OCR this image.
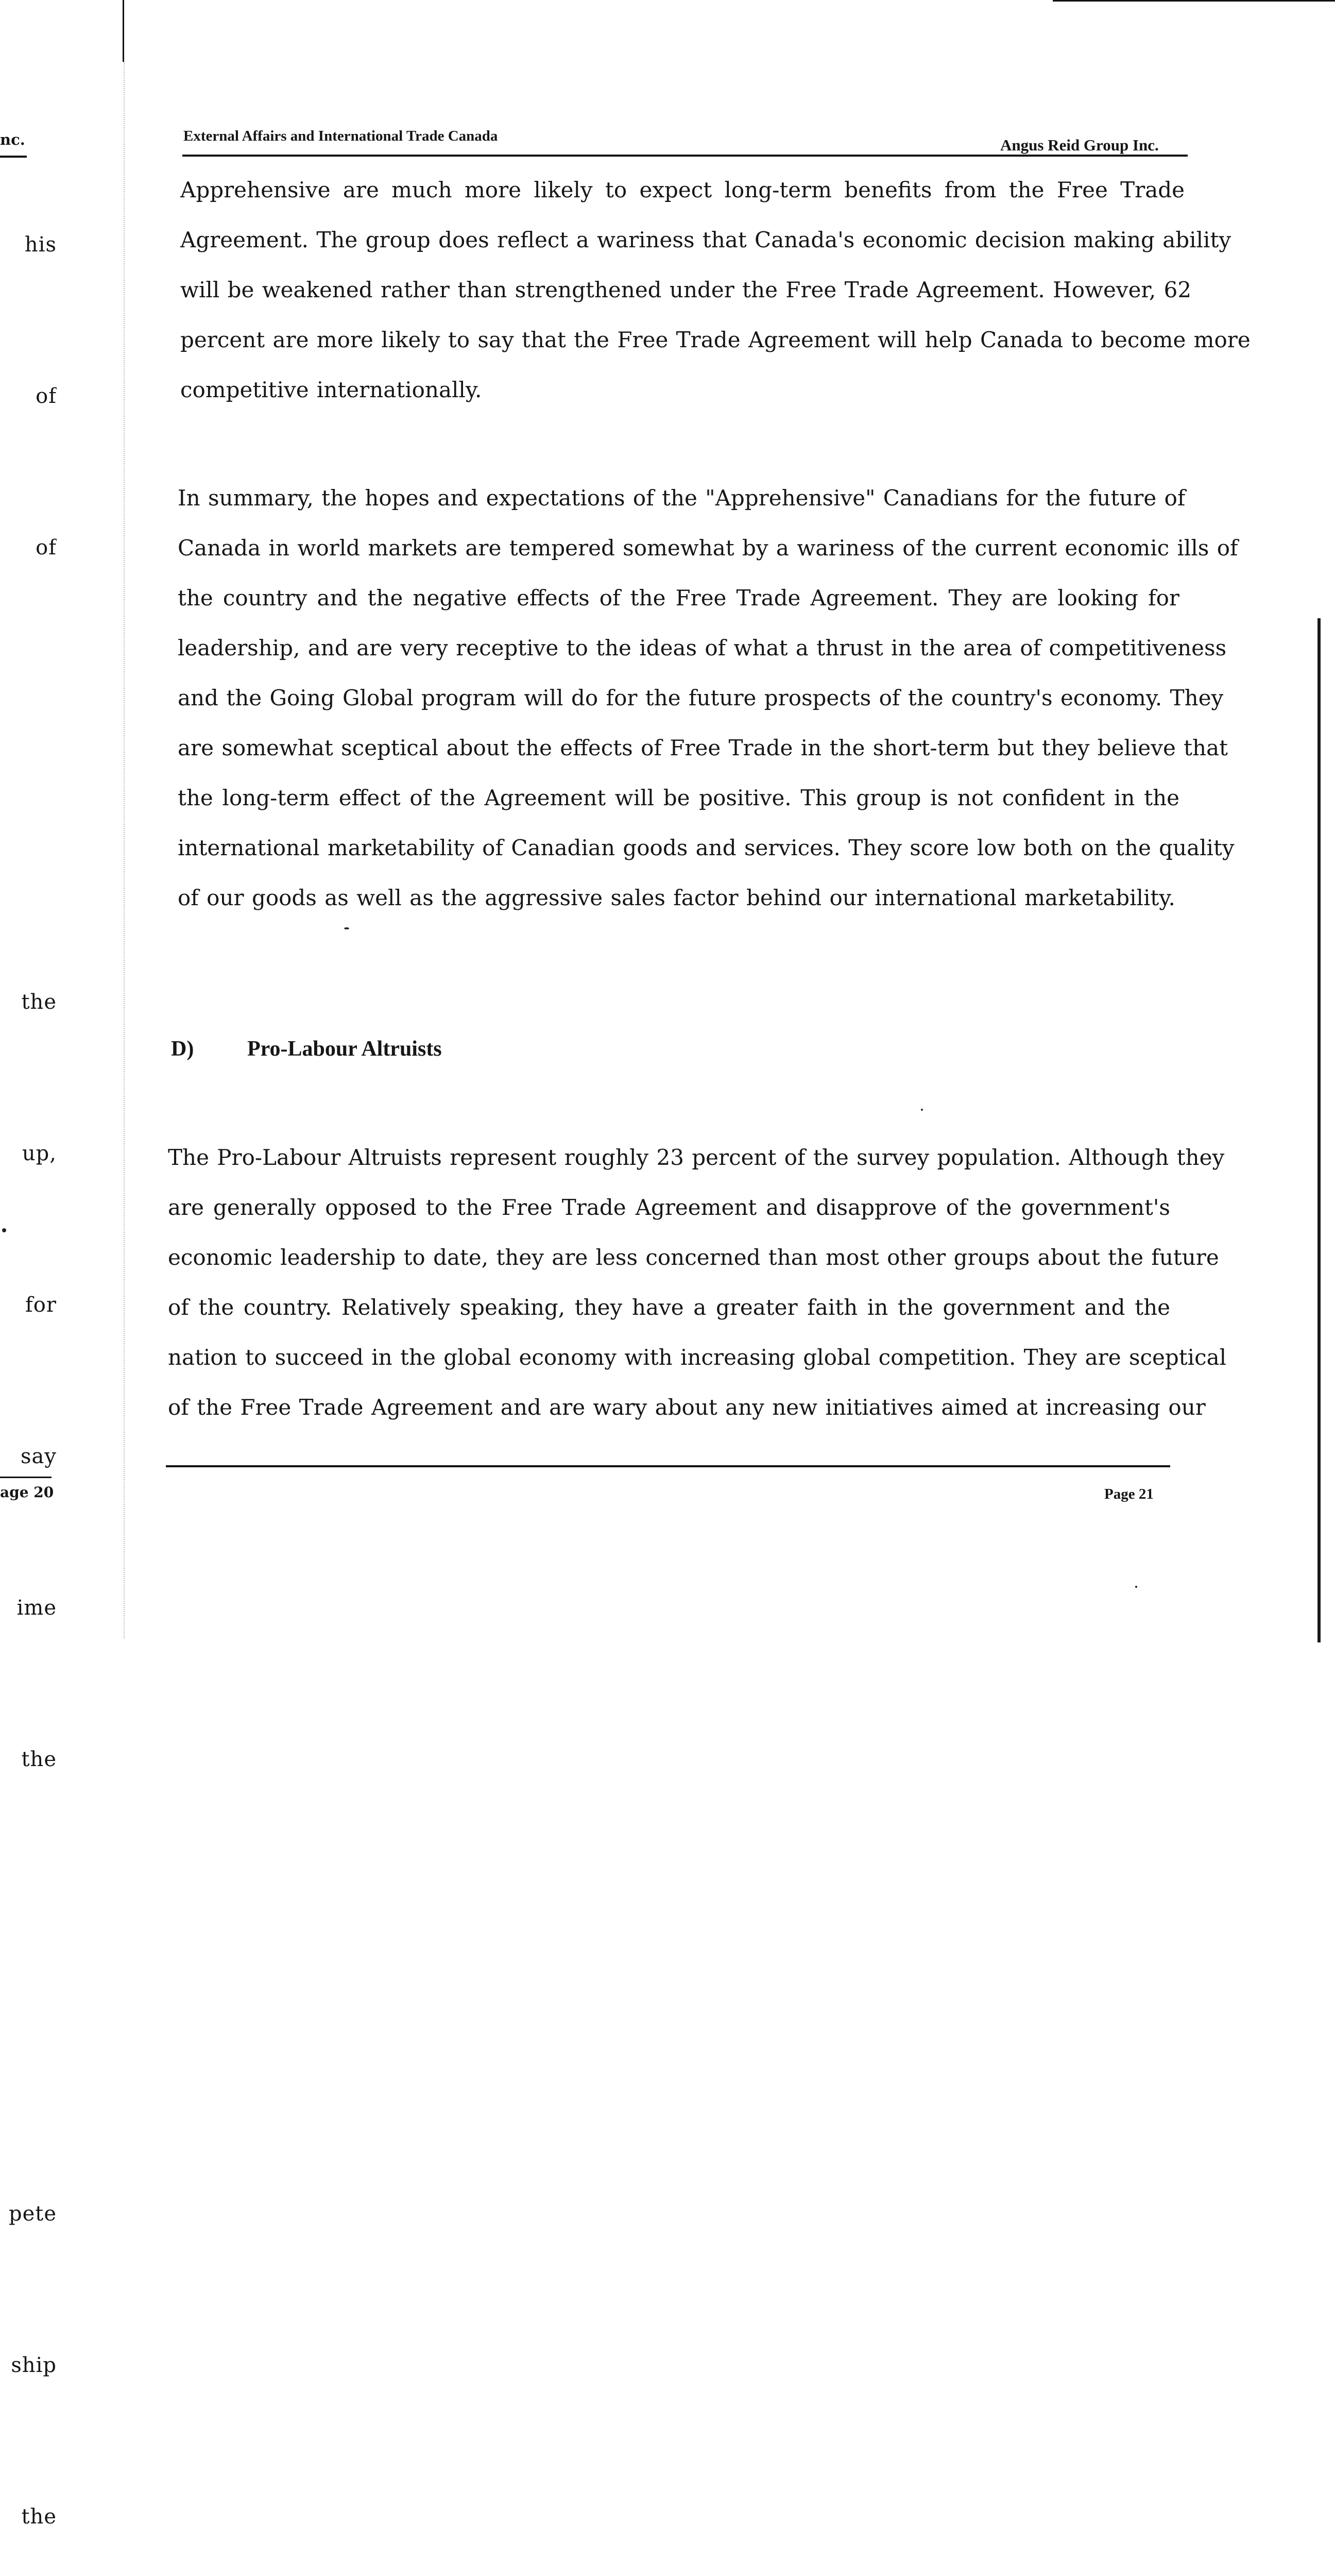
nc.

his

of

of

the

up,

for

say

ime

the

pete

ship

the

age 20
External Affairs and International Trade Canada	Angus Reid Group Inc.
Apprehensive are much more likely to expect long-term benefits from the Free Trade
Agreement. The group does reflect a wariness that Canada's economic decision making ability
will be weakened rather than strengthened under the Free Trade Agreement. However, 62
percent are more likely to say that the Free Trade Agreement will help Canada to become more
competitive internationally.
In summary, the hopes and expectations of the "Apprehensive" Canadians for the future of
Canada in world markets are tempered somewhat by a wariness of the current economic ills of
the country and the negative effects of the Free Trade Agreement. They are looking for
leadership, and are very receptive to the ideas of what a thrust in the area of competitiveness
and the Going Global program will do for the future prospects of the country's economy. They
are somewhat sceptical about the effects of Free Trade in the short-term but they believe that
the long-term effect of the Agreement will be positive. This group is not confident in the
international marketability of Canadian goods and services. They score low both on the quality
of our goods as well as the aggressive sales factor behind our international marketability.
D) Pro-Labour Altruists
The Pro-Labour Altruists represent roughly 23 percent of the survey population. Although they
are generally opposed to the Free Trade Agreement and disapprove of the government's
economic leadership to date, they are less concerned than most other groups about the future
of the country. Relatively speaking, they have a greater faith in the government and the
nation to succeed in the global economy with increasing global competition. They are sceptical
of the Free Trade Agreement and are wary about any new initiatives aimed at increasing our
Page 21
